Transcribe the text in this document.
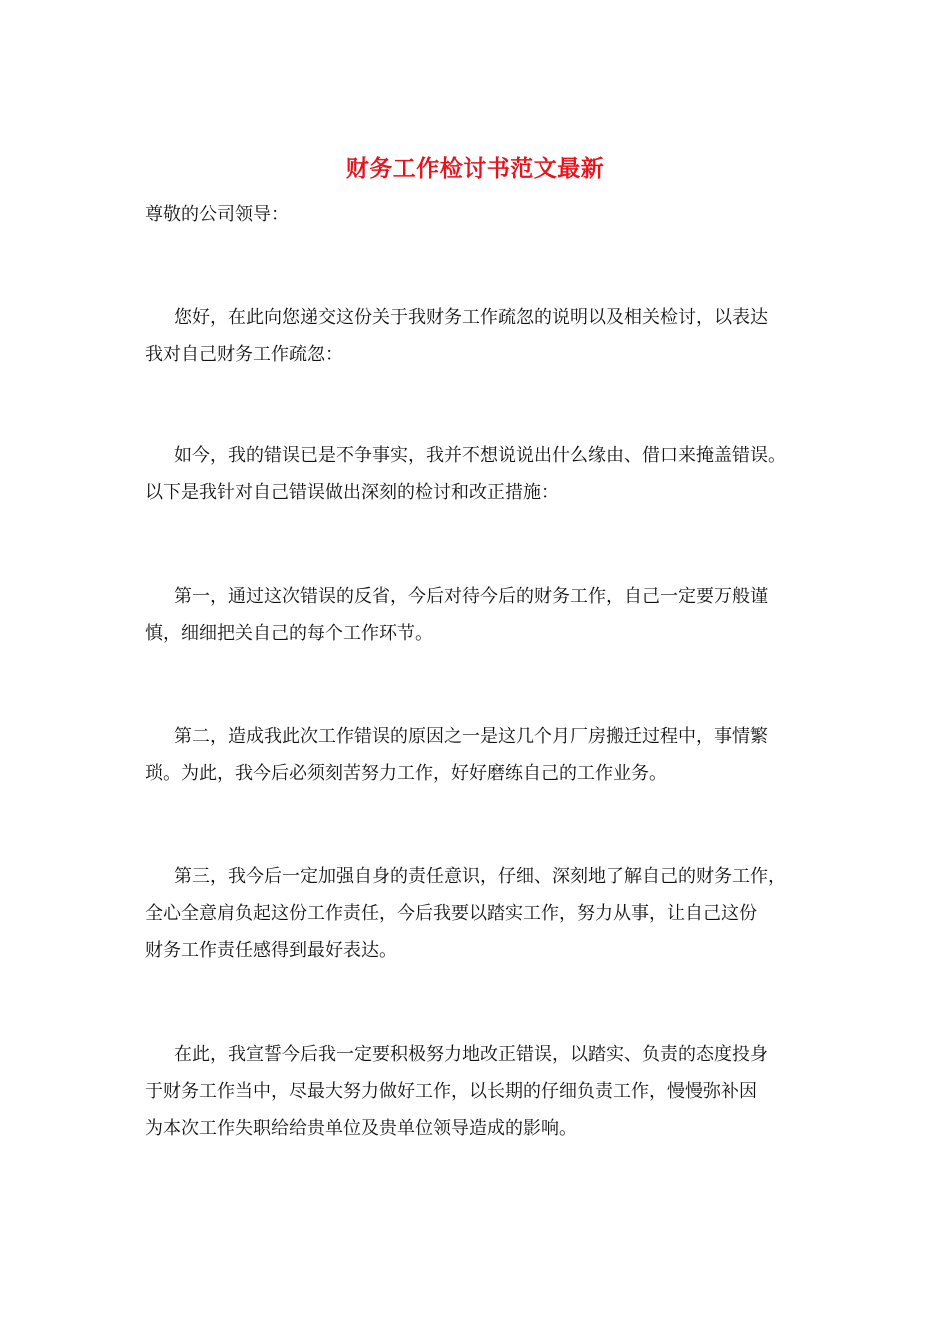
财务工作检讨书范文最新
尊敬的公司领导：
您好，在此向您递交这份关于我财务工作疏忽的说明以及相关检讨，以表达
我对自己财务工作疏忽：
如今，我的错误已是不争事实，我并不想说说出什么缘由、借口来掩盖错误。
以下是我针对自己错误做出深刻的检讨和改正措施：
第一，通过这次错误的反省，今后对待今后的财务工作，自己一定要万般谨
慎，细细把关自己的每个工作环节。
第二，造成我此次工作错误的原因之一是这几个月厂房搬迁过程中，事情繁
琐。为此，我今后必须刻苦努力工作，好好磨练自己的工作业务。
第三，我今后一定加强自身的责任意识，仔细、深刻地了解自己的财务工作，
全心全意肩负起这份工作责任，今后我要以踏实工作，努力从事，让自己这份
财务工作责任感得到最好表达。
在此，我宣誓今后我一定要积极努力地改正错误，以踏实、负责的态度投身
于财务工作当中，尽最大努力做好工作，以长期的仔细负责工作，慢慢弥补因
为本次工作失职给给贵单位及贵单位领导造成的影响。
